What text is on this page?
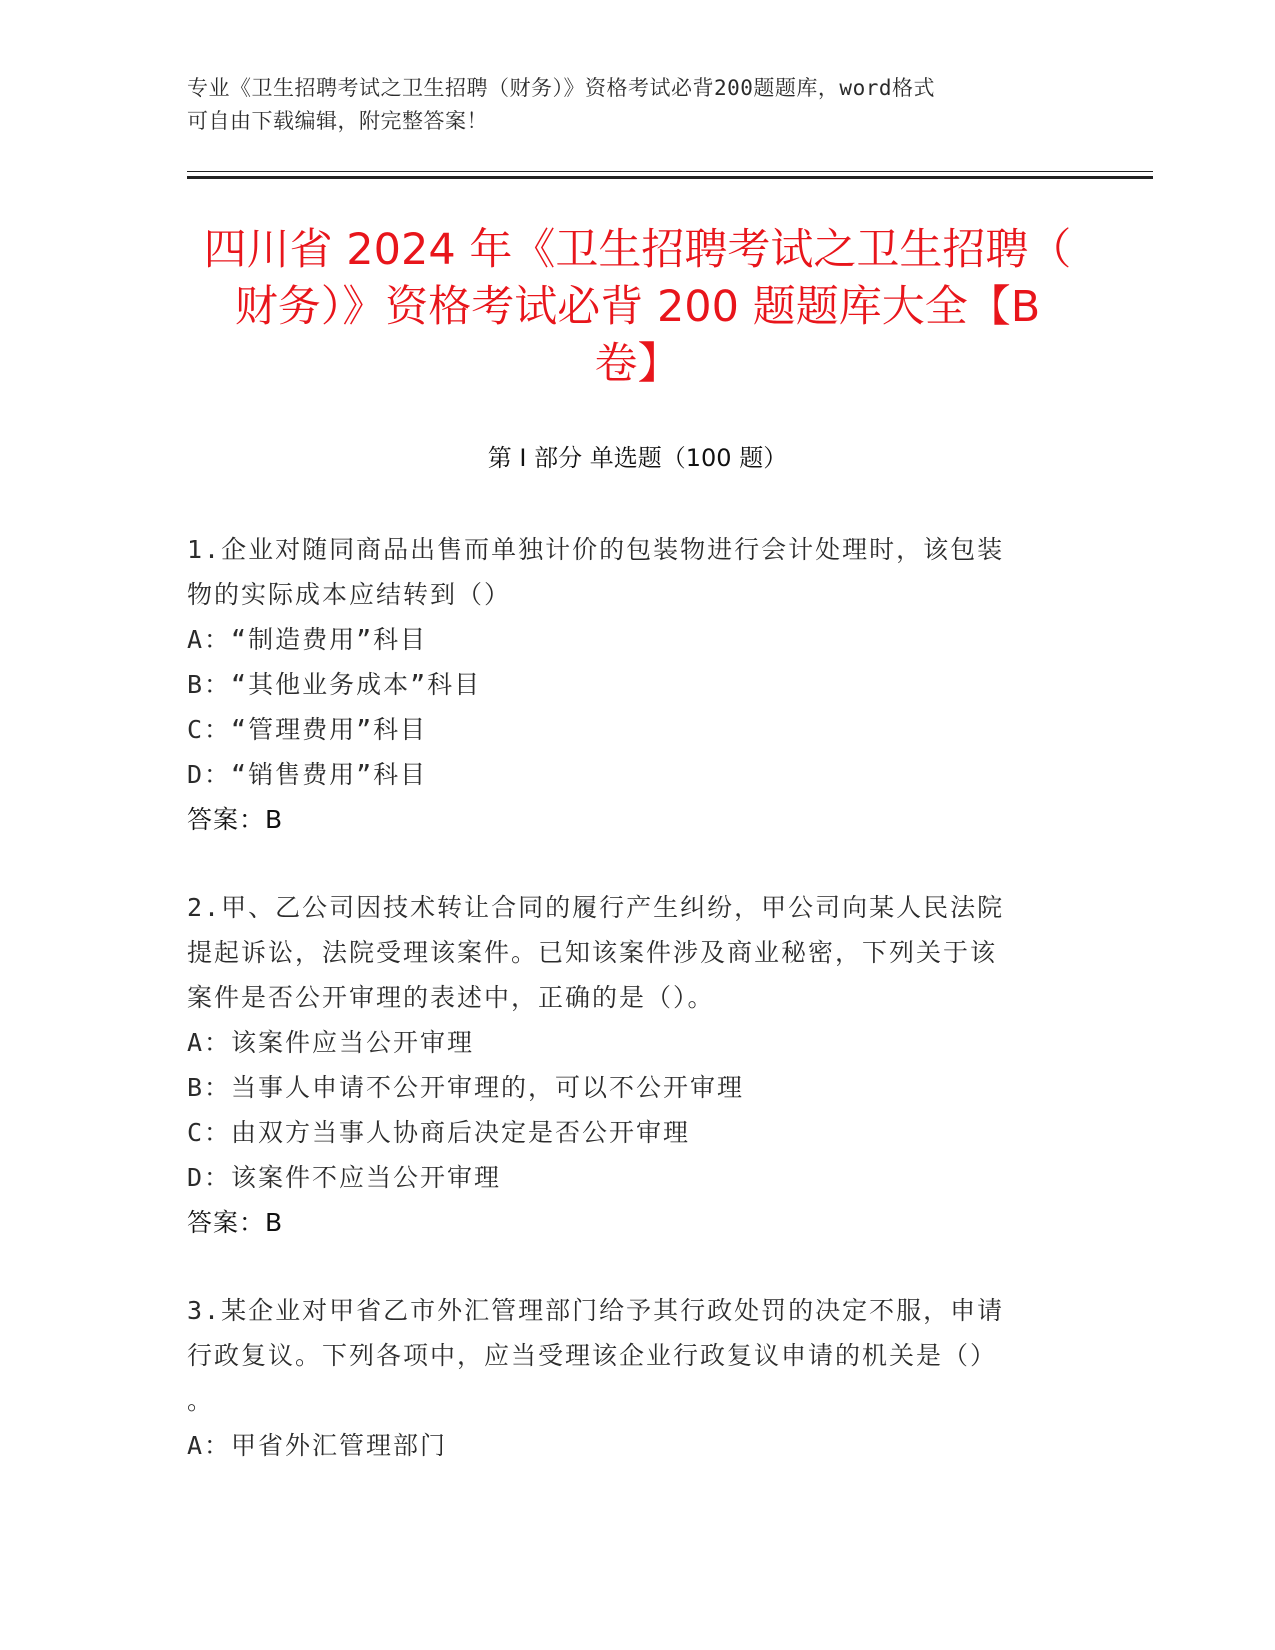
专业《卫生招聘考试之卫生招聘（财务）》资格考试必背200题题库，word格式
可自由下载编辑，附完整答案！
四川省 2024 年《卫生招聘考试之卫生招聘（
财务）》资格考试必背 200 题题库大全【B
卷】
第 I 部分 单选题（100 题）
1.企业对随同商品出售而单独计价的包装物进行会计处理时，该包装
物的实际成本应结转到（）
A：“制造费用”科目
B：“其他业务成本”科目
C：“管理费用”科目
D：“销售费用”科目
答案：B
2.甲、乙公司因技术转让合同的履行产生纠纷，甲公司向某人民法院
提起诉讼，法院受理该案件。已知该案件涉及商业秘密，下列关于该
案件是否公开审理的表述中，正确的是（）。
A：该案件应当公开审理
B：当事人申请不公开审理的，可以不公开审理
C：由双方当事人协商后决定是否公开审理
D：该案件不应当公开审理
答案：B
3.某企业对甲省乙市外汇管理部门给予其行政处罚的决定不服，申请
行政复议。下列各项中，应当受理该企业行政复议申请的机关是（）
。
A：甲省外汇管理部门
